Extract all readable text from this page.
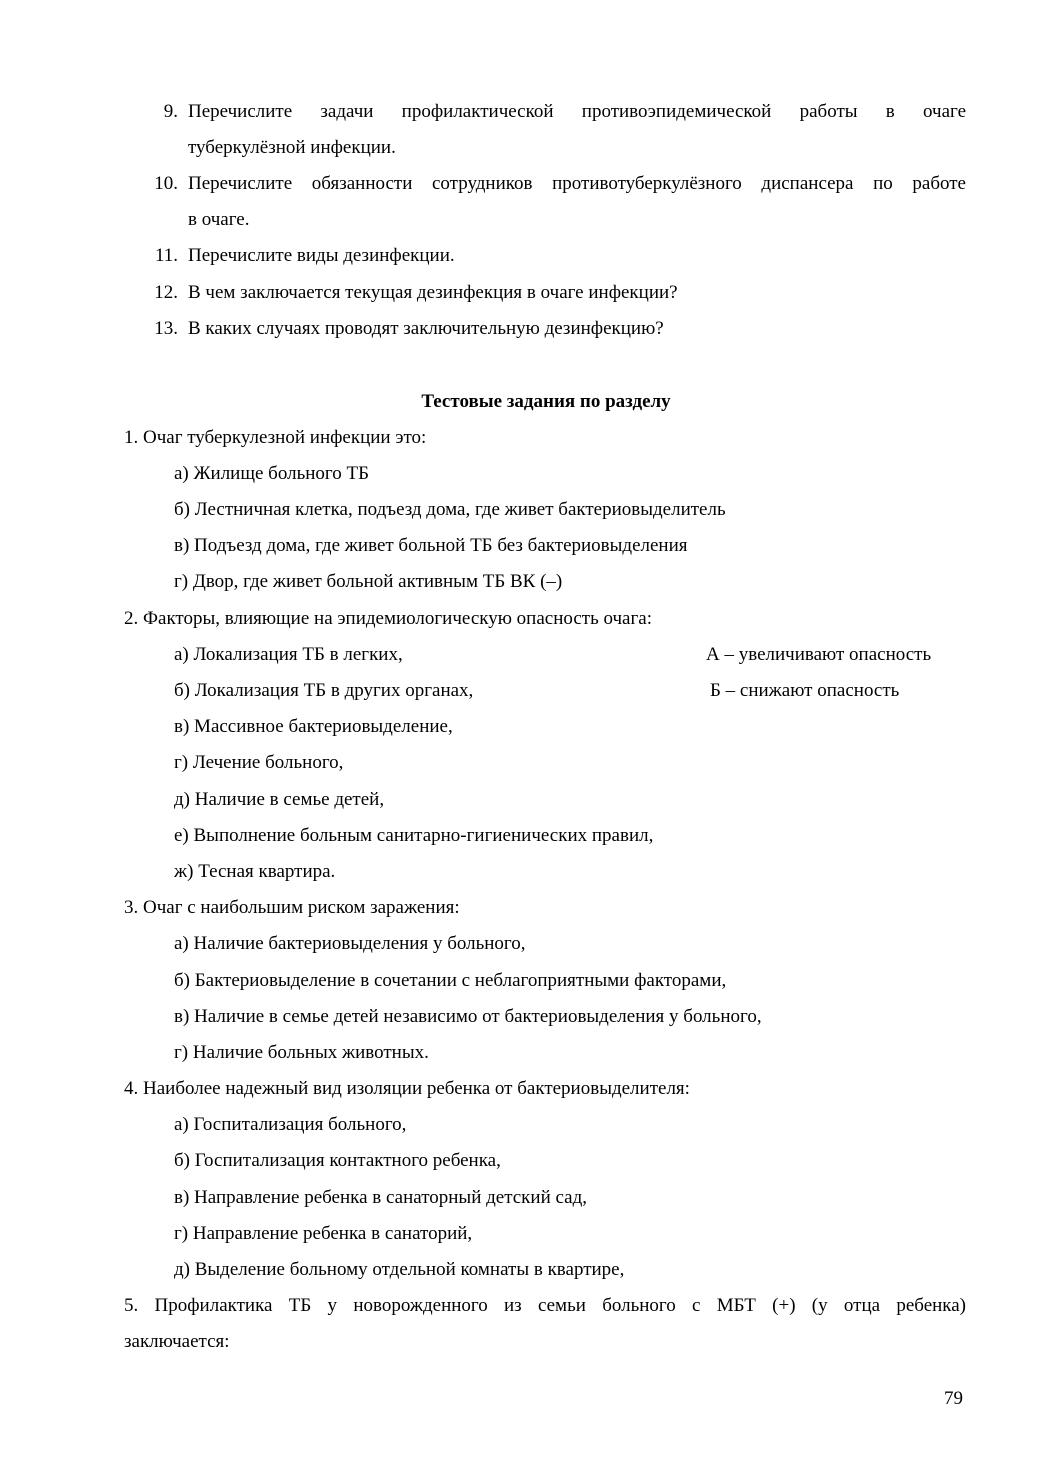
9. Перечислите задачи профилактической противоэпидемической работы в очаге
туберкулёзной инфекции.
10. Перечислите обязанности сотрудников противотуберкулёзного диспансера по работе
в очаге.
11. Перечислите виды дезинфекции.
12. В чем заключается текущая дезинфекция в очаге инфекции?
13. В каких случаях проводят заключительную дезинфекцию?
Тестовые задания по разделу
1. Очаг туберкулезной инфекции это:
а) Жилище больного ТБ
б) Лестничная клетка, подъезд дома, где живет бактериовыделитель
в) Подъезд дома, где живет больной ТБ без бактериовыделения
г) Двор, где живет больной активным ТБ ВК (–)
2. Факторы, влияющие на эпидемиологическую опасность очага:
а) Локализация ТБ в легких,	А – увеличивают опасность
б) Локализация ТБ в других органах,	Б – снижают опасность
в) Массивное бактериовыделение,
г) Лечение больного,
д) Наличие в семье детей,
е) Выполнение больным санитарно-гигиенических правил,
ж) Тесная квартира.
3. Очаг с наибольшим риском заражения:
а) Наличие бактериовыделения у больного,
б) Бактериовыделение в сочетании с неблагоприятными факторами,
в) Наличие в семье детей независимо от бактериовыделения у больного,
г) Наличие больных животных.
4. Наиболее надежный вид изоляции ребенка от бактериовыделителя:
а) Госпитализация больного,
б) Госпитализация контактного ребенка,
в) Направление ребенка в санаторный детский сад,
г) Направление ребенка в санаторий,
д) Выделение больному отдельной комнаты в квартире,
5. Профилактика ТБ у новорожденного из семьи больного с МБТ (+) (у отца ребенка)
заключается:
79
